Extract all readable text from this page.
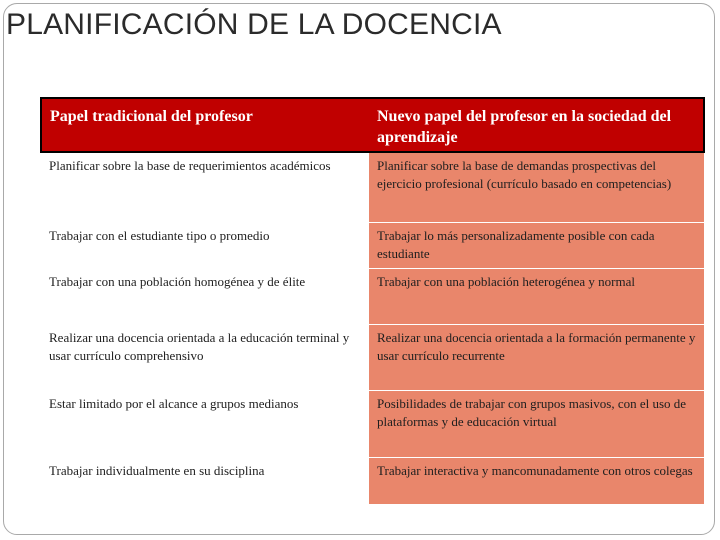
PLANIFICACIÓN DE LA DOCENCIA
Papel tradicional del profesor	Nuevo papel del profesor en la sociedad del aprendizaje
Planificar sobre la base de requerimientos académicos	Planificar sobre la base de demandas prospectivas del ejercicio profesional (currículo basado en competencias)
Trabajar con el estudiante tipo o promedio	Trabajar lo más personalizadamente posible con cada estudiante
Trabajar con una población homogénea y de élite	Trabajar con una población heterogénea y normal
Realizar una docencia orientada a la educación terminal y usar currículo comprehensivo	Realizar una docencia orientada a la formación permanente y usar currículo recurrente
Estar limitado por el alcance a grupos medianos	Posibilidades de trabajar con grupos masivos, con el uso de plataformas y de educación virtual
Trabajar individualmente en su disciplina	Trabajar interactiva y mancomunadamente con otros colegas
